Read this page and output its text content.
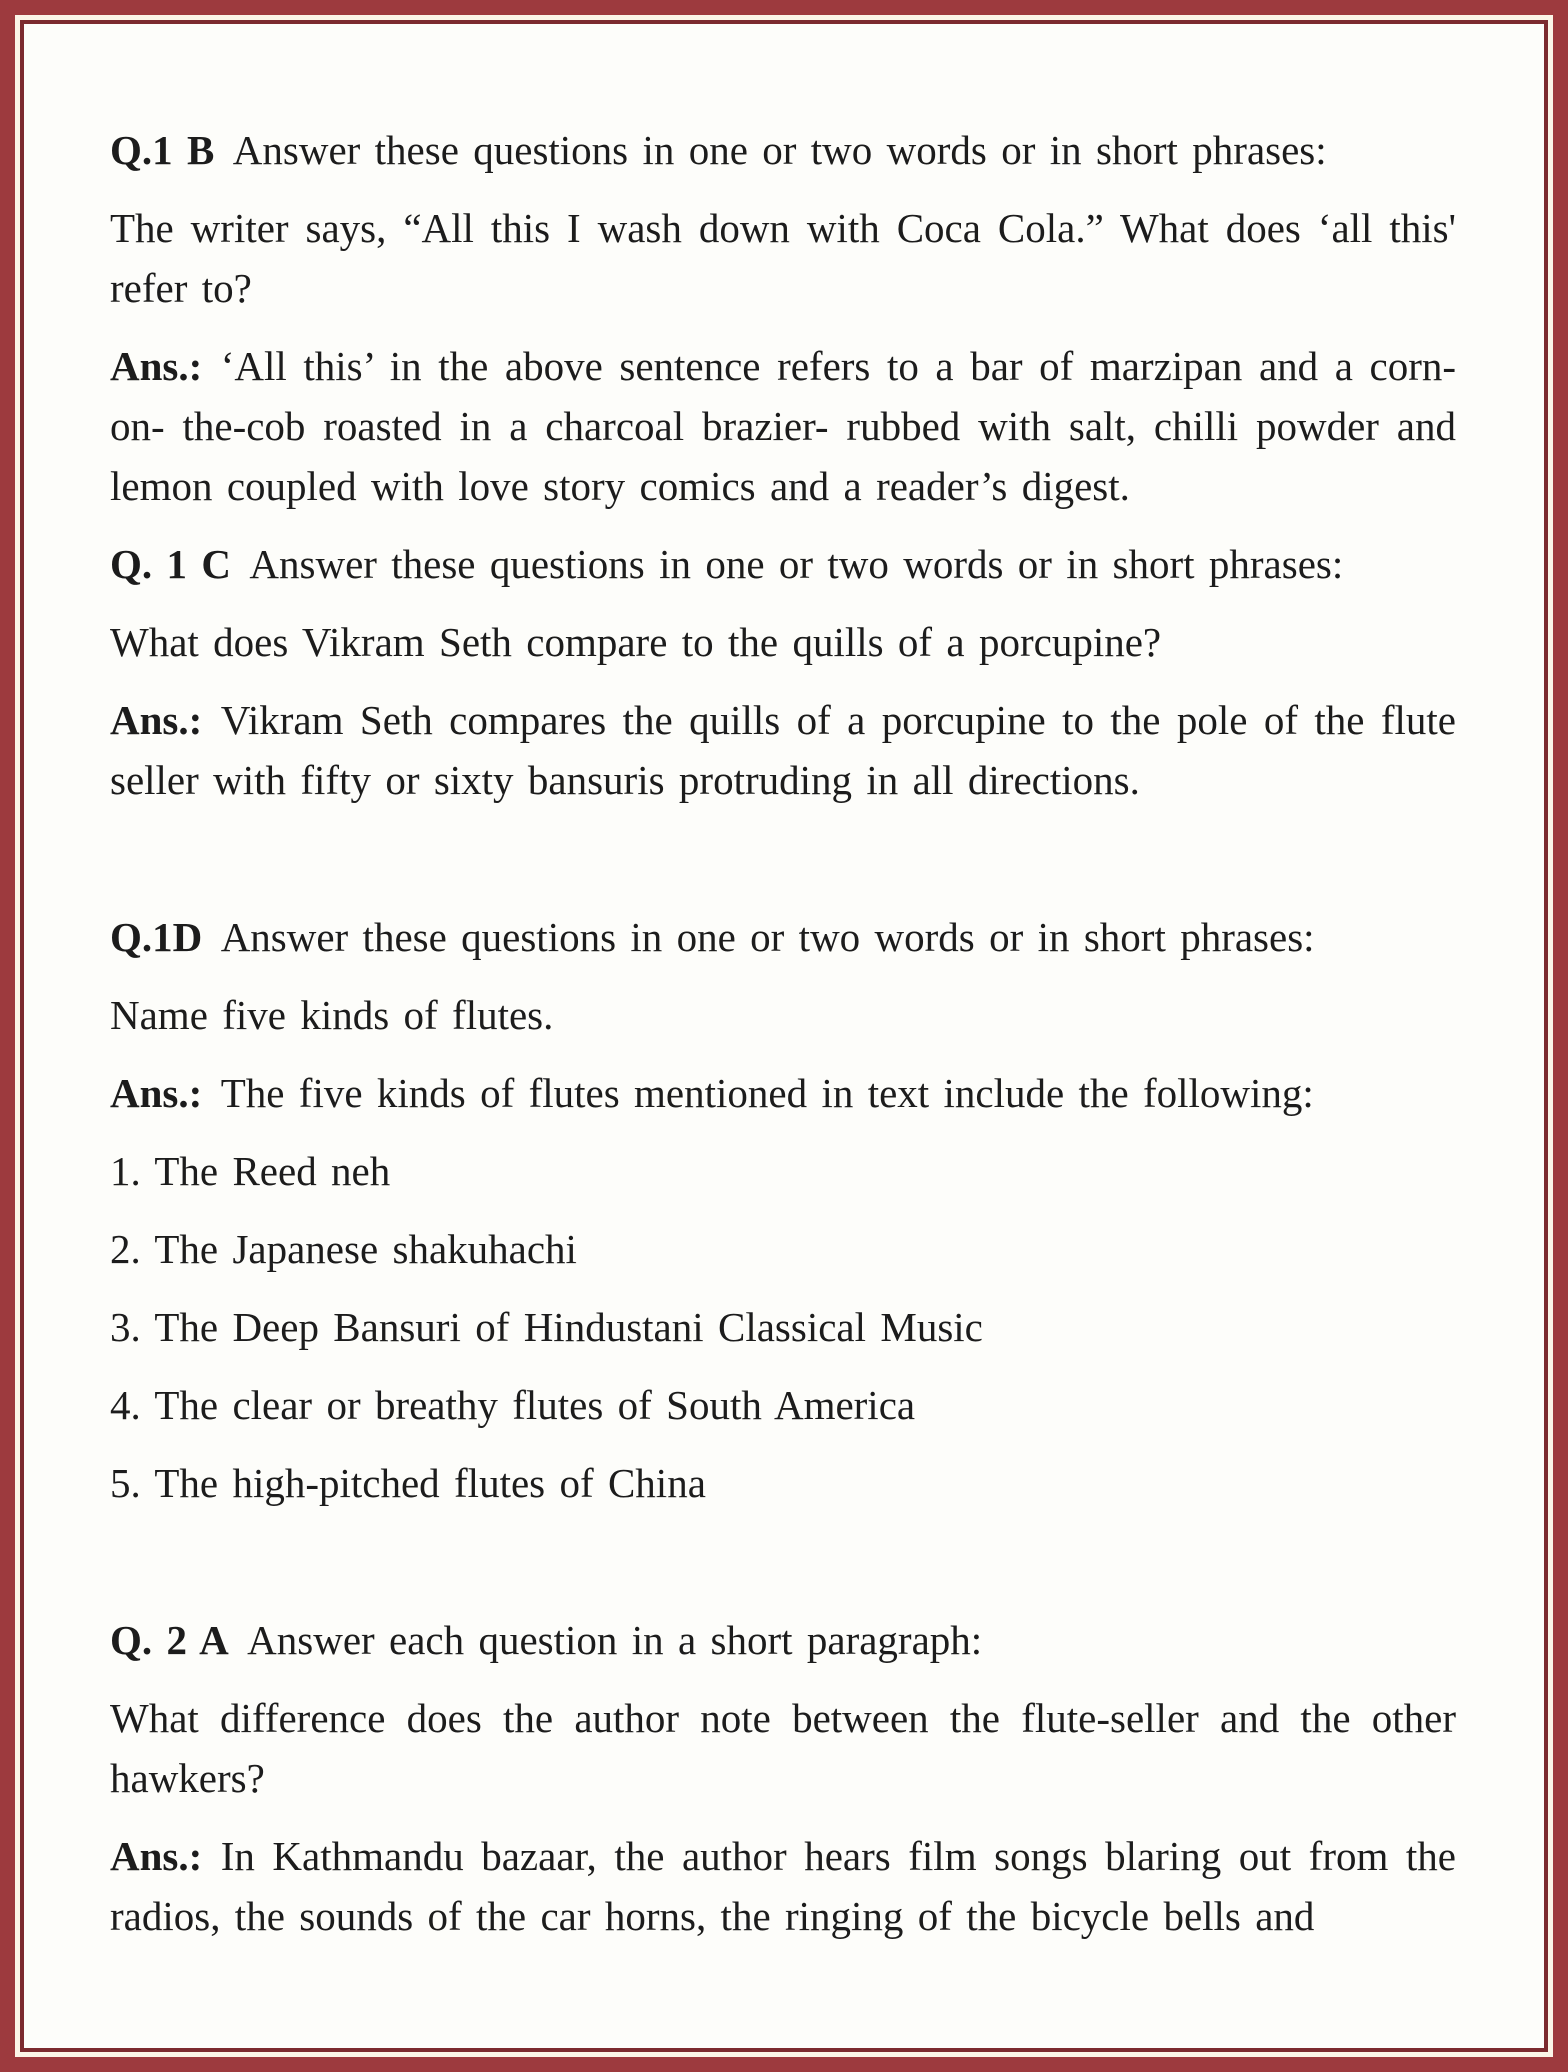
Q.1 B Answer these questions in one or two words or in short phrases:
The writer says, “All this I wash down with Coca Cola.” What does ‘all this' refer to?
Ans.: ‘All this’ in the above sentence refers to a bar of marzipan and a corn-on- the-cob roasted in a charcoal brazier- rubbed with salt, chilli powder and lemon coupled with love story comics and a reader’s digest.
Q. 1 C Answer these questions in one or two words or in short phrases:
What does Vikram Seth compare to the quills of a porcupine?
Ans.: Vikram Seth compares the quills of a porcupine to the pole of the flute seller with fifty or sixty bansuris protruding in all directions.
Q.1D Answer these questions in one or two words or in short phrases:
Name five kinds of flutes.
Ans.: The five kinds of flutes mentioned in text include the following:
1. The Reed neh
2. The Japanese shakuhachi
3. The Deep Bansuri of Hindustani Classical Music
4. The clear or breathy flutes of South America
5. The high-pitched flutes of China
Q. 2 A Answer each question in a short paragraph:
What difference does the author note between the flute-seller and the other hawkers?
Ans.: In Kathmandu bazaar, the author hears film songs blaring out from the radios, the sounds of the car horns, the ringing of the bicycle bells and
